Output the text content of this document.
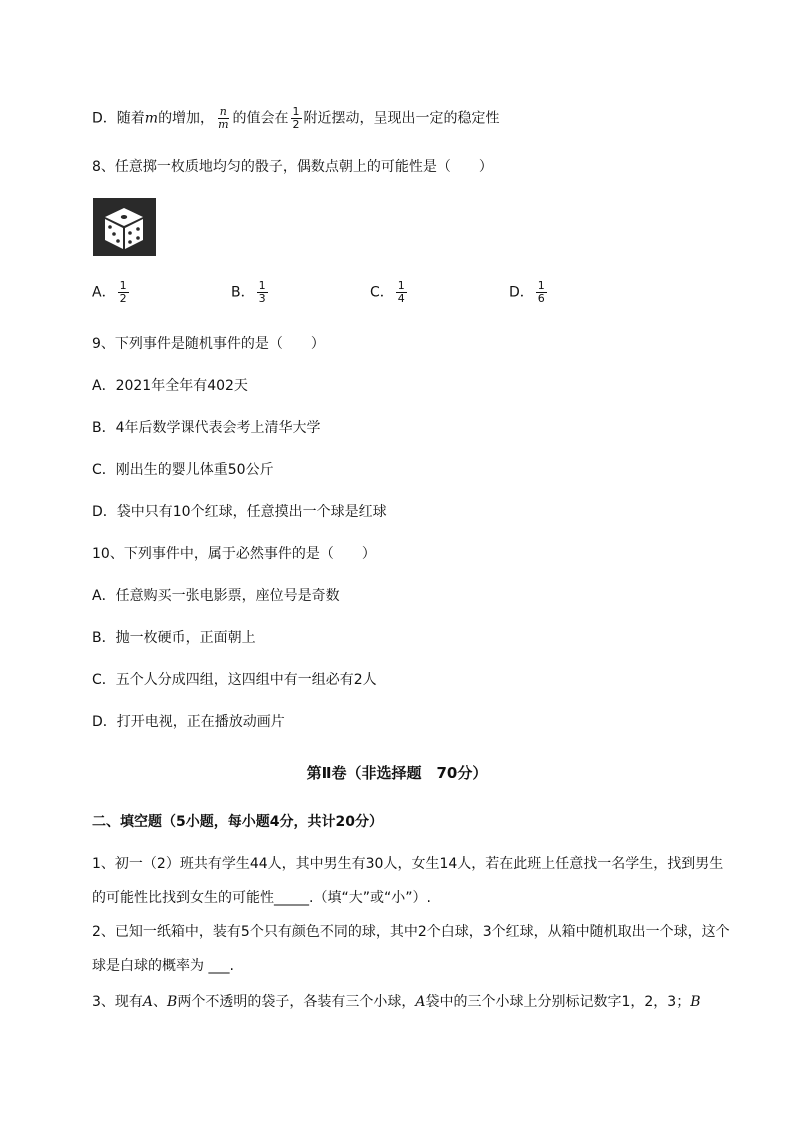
D．随着m的增加， $\frac{n}{m}$ 的值会在 $\frac{1}{2}$ 附近摆动，呈现出一定的稳定性
8、任意掷一枚质地均匀的骰子，偶数点朝上的可能性是（　　）
A． $\frac{1}{2}$	B． $\frac{1}{3}$	C． $\frac{1}{4}$	D． $\frac{1}{6}$
9、下列事件是随机事件的是（　　）
A．2021年全年有402天
B．4年后数学课代表会考上清华大学
C．刚出生的婴儿体重50公斤
D．袋中只有10个红球，任意摸出一个球是红球
10、下列事件中，属于必然事件的是（　　）
A．任意购买一张电影票，座位号是奇数
B．抛一枚硬币，正面朝上
C．五个人分成四组，这四组中有一组必有2人
D．打开电视，正在播放动画片
第Ⅱ卷（非选择题　70分）
二、填空题（5小题，每小题4分，共计20分）
1、初一（2）班共有学生44人，其中男生有30人，女生14人，若在此班上任意找一名学生，找到男生的可能性比找到女生的可能性_____.（填“大”或“小”）.
2、已知一纸箱中，装有5个只有颜色不同的球，其中2个白球，3个红球，从箱中随机取出一个球，这个球是白球的概率为 ___.
3、现有A、B两个不透明的袋子，各装有三个小球，A袋中的三个小球上分别标记数字1，2，3；B
